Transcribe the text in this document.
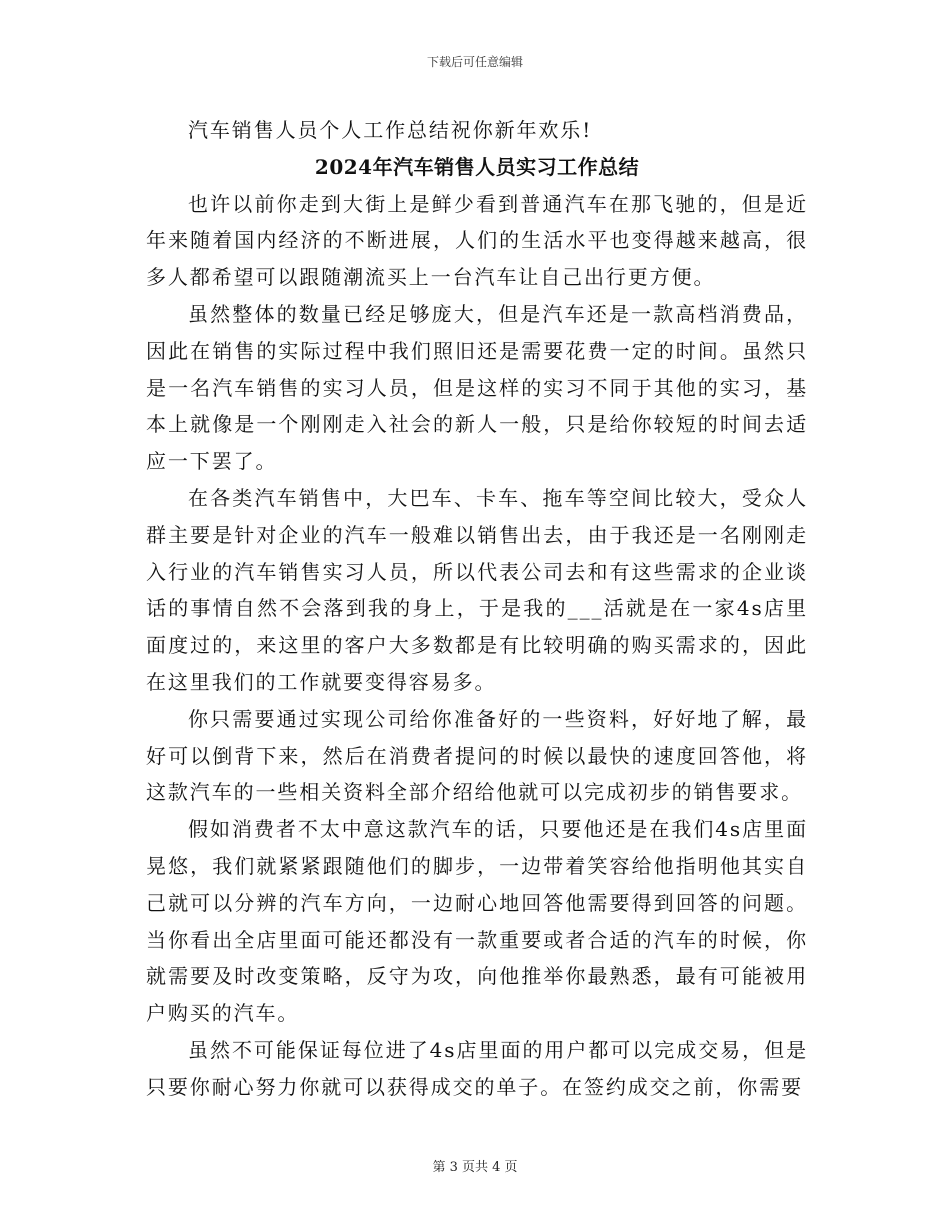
下载后可任意编辑

汽车销售人员个人工作总结祝你新年欢乐!

2024年汽车销售人员实习工作总结

也许以前你走到大街上是鲜少看到普通汽车在那飞驰的，但是近年来随着国内经济的不断进展，人们的生活水平也变得越来越高，很多人都希望可以跟随潮流买上一台汽车让自己出行更方便。

虽然整体的数量已经足够庞大，但是汽车还是一款高档消费品，因此在销售的实际过程中我们照旧还是需要花费一定的时间。虽然只是一名汽车销售的实习人员，但是这样的实习不同于其他的实习，基本上就像是一个刚刚走入社会的新人一般，只是给你较短的时间去适应一下罢了。

在各类汽车销售中，大巴车、卡车、拖车等空间比较大，受众人群主要是针对企业的汽车一般难以销售出去，由于我还是一名刚刚走入行业的汽车销售实习人员，所以代表公司去和有这些需求的企业谈话的事情自然不会落到我的身上，于是我的___活就是在一家4s店里面度过的，来这里的客户大多数都是有比较明确的购买需求的，因此在这里我们的工作就要变得容易多。

你只需要通过实现公司给你准备好的一些资料，好好地了解，最好可以倒背下来，然后在消费者提问的时候以最快的速度回答他，将这款汽车的一些相关资料全部介绍给他就可以完成初步的销售要求。

假如消费者不太中意这款汽车的话，只要他还是在我们4s店里面晃悠，我们就紧紧跟随他们的脚步，一边带着笑容给他指明他其实自己就可以分辨的汽车方向，一边耐心地回答他需要得到回答的问题。当你看出全店里面可能还都没有一款重要或者合适的汽车的时候，你就需要及时改变策略，反守为攻，向他推举你最熟悉，最有可能被用户购买的汽车。

虽然不可能保证每位进了4s店里面的用户都可以完成交易，但是只要你耐心努力你就可以获得成交的单子。在签约成交之前，你需要

第 3 页共 4 页
